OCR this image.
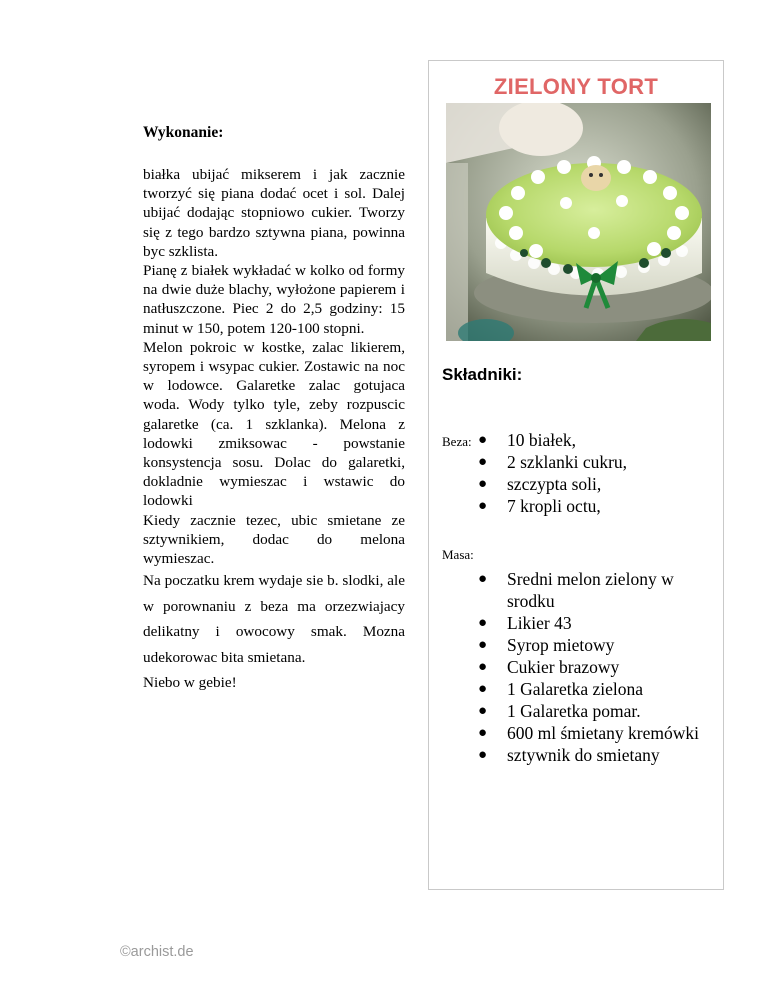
Wykonanie:

białka ubijać mikserem i jak zacznie tworzyć się piana dodać ocet i sol. Dalej ubijać dodając stopniowo cukier. Tworzy się z tego bardzo sztywna piana, powinna byc szklista.

Pianę z białek wykładać w kolko od formy na dwie duże blachy, wyłożone papierem i natłuszczone. Piec 2 do 2,5 godziny: 15 minut w 150, potem 120-100 stopni.

Melon pokroic w kostke, zalac likierem, syropem i wsypac cukier. Zostawic na noc w lodowce. Galaretke zalac gotujaca woda. Wody tylko tyle, zeby rozpuscic galaretke (ca. 1 szklanka). Melona z lodowki zmiksowac - powstanie konsystencja sosu. Dolac do galaretki, dokladnie wymieszac i wstawic do lodowki

Kiedy zacznie tezec, ubic smietane ze sztywnikiem, dodac do melona wymieszac.

Na poczatku krem wydaje sie b. slodki, ale w porownaniu z beza ma orzezwiajacy delikatny i owocowy smak. Mozna udekorowac bita smietana.

Niebo w gebie!

ZIELONY TORT
Składniki:
Beza: ● 10 białek,
● 2 szklanki cukru,
● szczypta soli,
● 7 kropli octu,
Masa:
● Sredni melon zielony w srodku
● Likier 43
● Syrop mietowy
● Cukier brazowy
● 1 Galaretka zielona
● 1 Galaretka pomar.
● 600 ml śmietany kremówki
● sztywnik do smietany
©archist.de
